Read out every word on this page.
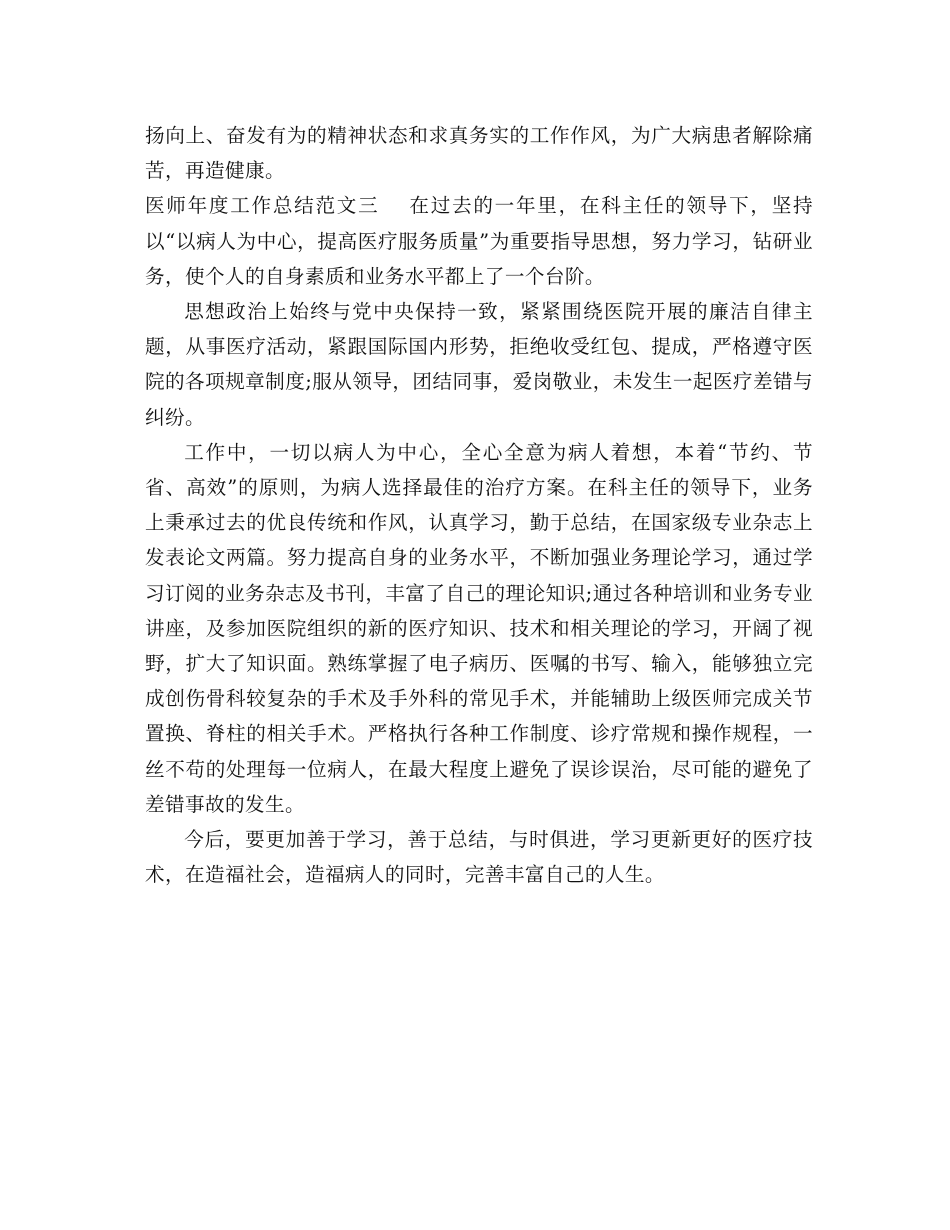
扬向上、奋发有为的精神状态和求真务实的工作作风，为广大病患者解除痛苦，再造健康。

医师年度工作总结范文三 在过去的一年里，在科主任的领导下，坚持以“以病人为中心，提高医疗服务质量”为重要指导思想，努力学习，钻研业务，使个人的自身素质和业务水平都上了一个台阶。

思想政治上始终与党中央保持一致，紧紧围绕医院开展的廉洁自律主题，从事医疗活动，紧跟国际国内形势，拒绝收受红包、提成，严格遵守医院的各项规章制度;服从领导，团结同事，爱岗敬业，未发生一起医疗差错与纠纷。

工作中，一切以病人为中心，全心全意为病人着想，本着“节约、节省、高效”的原则，为病人选择最佳的治疗方案。在科主任的领导下，业务上秉承过去的优良传统和作风，认真学习，勤于总结，在国家级专业杂志上发表论文两篇。努力提高自身的业务水平，不断加强业务理论学习，通过学习订阅的业务杂志及书刊，丰富了自己的理论知识;通过各种培训和业务专业讲座，及参加医院组织的新的医疗知识、技术和相关理论的学习，开阔了视野，扩大了知识面。熟练掌握了电子病历、医嘱的书写、输入，能够独立完成创伤骨科较复杂的手术及手外科的常见手术，并能辅助上级医师完成关节置换、脊柱的相关手术。严格执行各种工作制度、诊疗常规和操作规程，一丝不苟的处理每一位病人，在最大程度上避免了误诊误治，尽可能的避免了差错事故的发生。

今后，要更加善于学习，善于总结，与时俱进，学习更新更好的医疗技术，在造福社会，造福病人的同时，完善丰富自己的人生。
